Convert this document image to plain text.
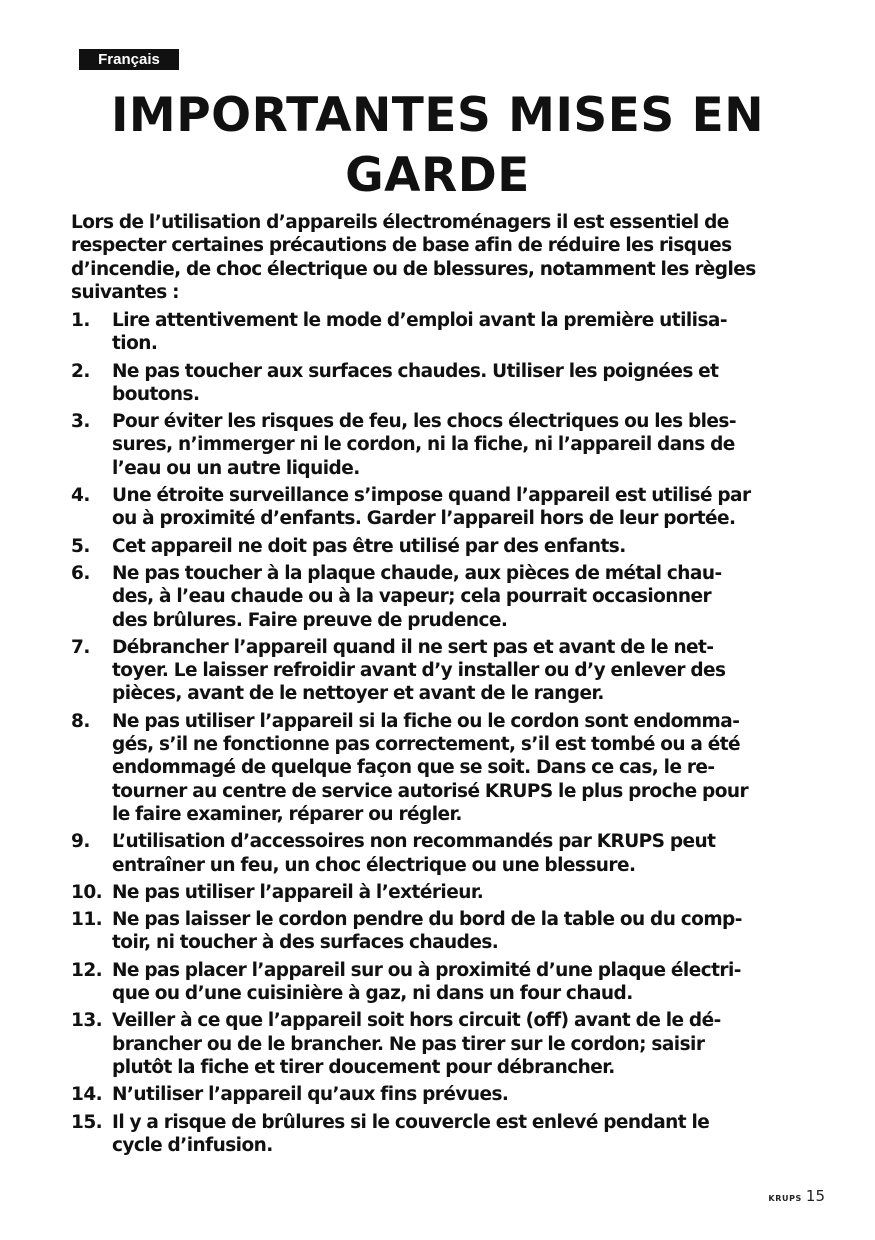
Français
IMPORTANTES MISES EN GARDE

Lors de l’utilisation d’appareils électroménagers il est essentiel de respecter certaines précautions de base afin de réduire les risques d’incendie, de choc électrique ou de blessures, notamment les règles suivantes :

1.	Lire attentivement le mode d’emploi avant la première utilisa-
tion.
2.	Ne pas toucher aux surfaces chaudes. Utiliser les poignées et
boutons.
3.	Pour éviter les risques de feu, les chocs électriques ou les bles-
sures, n’immerger ni le cordon, ni la fiche, ni l’appareil dans de
l’eau ou un autre liquide.
4.	Une étroite surveillance s’impose quand l’appareil est utilisé par
ou à proximité d’enfants. Garder l’appareil hors de leur portée.
5.	Cet appareil ne doit pas être utilisé par des enfants.
6.	Ne pas toucher à la plaque chaude, aux pièces de métal chau-
des, à l’eau chaude ou à la vapeur; cela pourrait occasionner
des brûlures. Faire preuve de prudence.
7.	Débrancher l’appareil quand il ne sert pas et avant de le net-
toyer. Le laisser refroidir avant d’y installer ou d’y enlever des
pièces, avant de le nettoyer et avant de le ranger.
8.	Ne pas utiliser l’appareil si la fiche ou le cordon sont endomma-
gés, s’il ne fonctionne pas correctement, s’il est tombé ou a été
endommagé de quelque façon que se soit. Dans ce cas, le re-
tourner au centre de service autorisé KRUPS le plus proche pour
le faire examiner, réparer ou régler.
9.	L’utilisation d’accessoires non recommandés par KRUPS peut
entraîner un feu, un choc électrique ou une blessure.
10. Ne pas utiliser l’appareil à l’extérieur.
11. Ne pas laisser le cordon pendre du bord de la table ou du comp-
toir, ni toucher à des surfaces chaudes.
12. Ne pas placer l’appareil sur ou à proximité d’une plaque électri-
que ou d’une cuisinière à gaz, ni dans un four chaud.
13. Veiller à ce que l’appareil soit hors circuit (off) avant de le dé-
brancher ou de le brancher. Ne pas tirer sur le cordon; saisir
plutôt la fiche et tirer doucement pour débrancher.
14. N’utiliser l’appareil qu’aux fins prévues.
15. Il y a risque de brûlures si le couvercle est enlevé pendant le
cycle d’infusion.
KRUPS 15
